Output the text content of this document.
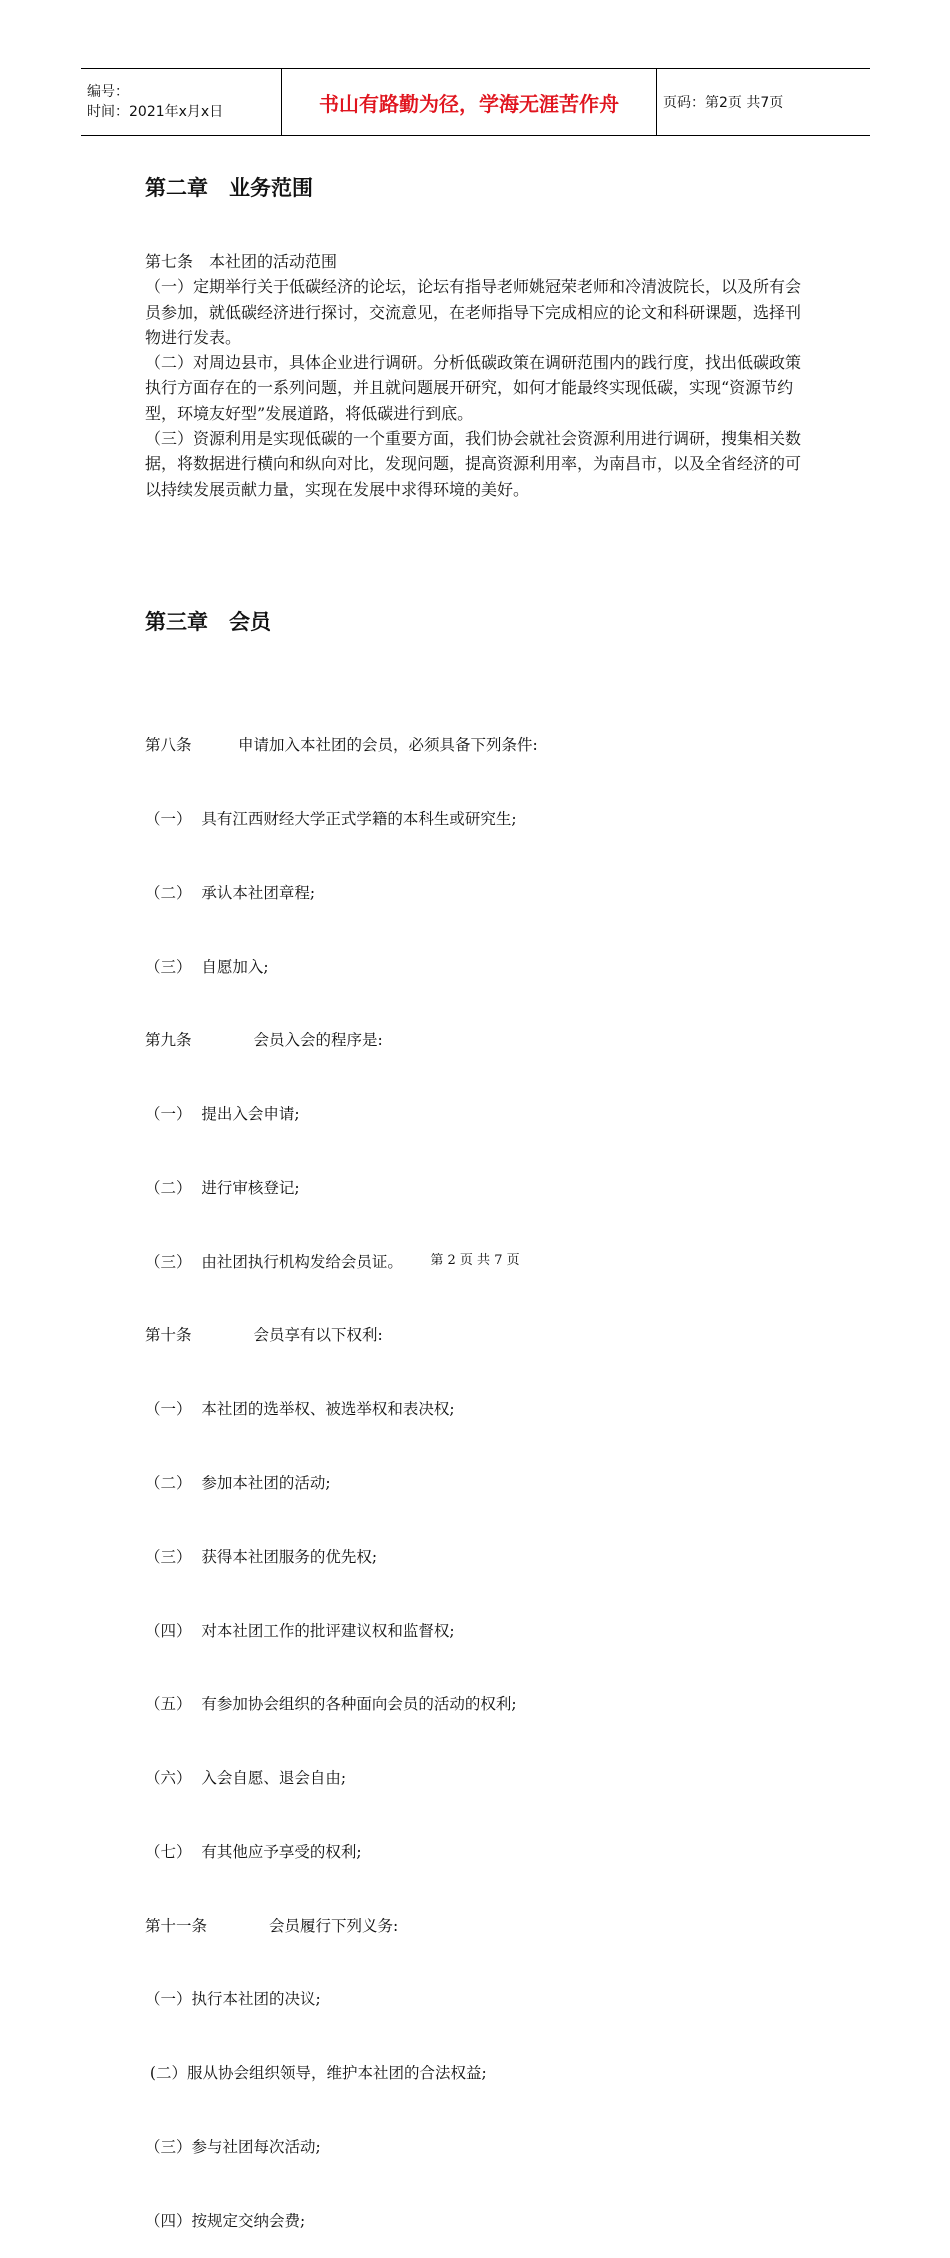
编号：
时间：2021年x月x日	书山有路勤为径，学海无涯苦作舟	页码：第2页 共7页
第二章　业务范围

第七条　本社团的活动范围

（一）定期举行关于低碳经济的论坛，论坛有指导老师姚冠荣老师和冷清波院长，以及所有会员参加，就低碳经济进行探讨，交流意见，在老师指导下完成相应的论文和科研课题，选择刊物进行发表。

（二）对周边县市，具体企业进行调研。分析低碳政策在调研范围内的践行度，找出低碳政策执行方面存在的一系列问题，并且就问题展开研究，如何才能最终实现低碳，实现“资源节约型，环境友好型”发展道路，将低碳进行到底。

（三）资源利用是实现低碳的一个重要方面，我们协会就社会资源利用进行调研，搜集相关数据，将数据进行横向和纵向对比，发现问题，提高资源利用率，为南昌市，以及全省经济的可以持续发展贡献力量，实现在发展中求得环境的美好。

第三章　会员

第八条　　　申请加入本社团的会员，必须具备下列条件:

（一）  具有江西财经大学正式学籍的本科生或研究生;

（二）  承认本社团章程;

（三）  自愿加入;

第九条　　　　会员入会的程序是:

（一）  提出入会申请;

（二）  进行审核登记;

（三）  由社团执行机构发给会员证。

第十条　　　　会员享有以下权利:

（一）  本社团的选举权、被选举权和表决权;

（二）  参加本社团的活动;

（三）  获得本社团服务的优先权;

（四）  对本社团工作的批评建议权和监督权;

（五）  有参加协会组织的各种面向会员的活动的权利;

（六）  入会自愿、退会自由;

（七）  有其他应予享受的权利;

第十一条　　　　会员履行下列义务:

（一）执行本社团的决议;

(二）服从协会组织领导，维护本社团的合法权益;

（三）参与社团每次活动;

（四）按规定交纳会费;

第 2 页 共 7 页
